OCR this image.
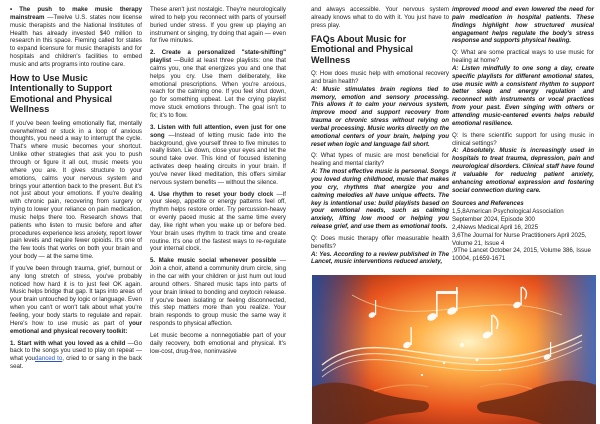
• The push to make music therapy mainstream —Twelve U.S. states now license music therapists and the National Institutes of Health has already invested $40 million to research in this space. Fleming called for states to expand licensure for music therapists and for hospitals and children's facilities to embed music and arts programs into routine care.

How to Use Music Intentionally to Support Emotional and Physical Wellness

If you've been feeling emotionally flat, mentally overwhelmed or stuck in a loop of anxious thoughts, you need a way to interrupt the cycle. That's where music becomes your shortcut. Unlike other strategies that ask you to push through or figure it all out, music meets you where you are. It gives structure to your emotions, calms your nervous system and brings your attention back to the present. But it's not just about your emotions. If you're dealing with chronic pain, recovering from surgery or trying to lower your reliance on pain medication, music helps there too. Research shows that patients who listen to music before and after procedures experience less anxiety, report lower pain levels and require fewer opioids. It's one of the few tools that works on both your brain and your body — at the same time.

If you've been through trauma, grief, burnout or any long stretch of stress, you've probably noticed how hard it is to just feel OK again. Music helps bridge that gap. It taps into areas of your brain untouched by logic or language. Even when you can't or won't talk about what you're feeling, your body starts to regulate and repair. Here's how to use music as part of your emotional and physical recovery toolkit:

1. Start with what you loved as a child —Go back to the songs you used to play on repeat — what youdanced to, cried to or sang in the back seat.

These aren't just nostalgic. They're neurologically wired to help you reconnect with parts of yourself buried under stress. If you grew up playing an instrument or singing, try doing that again — even for five minutes.

2. Create a personalized "state-shifting" playlist —Build at least three playlists: one that calms you, one that energizes you and one that helps you cry. Use them deliberately, like emotional prescriptions. When you're anxious, reach for the calming one. If you feel shut down, go for something upbeat. Let the crying playlist move stuck emotions through. The goal isn't to fix; it's to flow.

3. Listen with full attention, even just for one song —Instead of letting music fade into the background, give yourself three to five minutes to really listen. Lie down, close your eyes and let the sound take over. This kind of focused listening activates deep healing circuits in your brain. If you've never liked meditation, this offers similar nervous system benefits — without the silence.

4. Use rhythm to reset your body clock —If your sleep, appetite or energy patterns feel off, rhythm helps restore order. Try percussion-heavy or evenly paced music at the same time every day, like right when you wake up or before bed. Your brain uses rhythm to track time and create routine. It's one of the fastest ways to re-regulate your internal clock.

5. Make music social whenever possible — Join a choir, attend a community drum circle, sing in the car with your children or just hum out loud around others. Shared music taps into parts of your brain linked to bonding and oxytocin release. If you've been isolating or feeling disconnected, this step matters more than you realize. Your brain responds to group music the same way it responds to physical affection.

Let music become a nonnegotiable part of your daily recovery, both emotional and physical. It's low-cost, drug-free, noninvasive

and always accessible. Your nervous system already knows what to do with it. You just have to press play.

FAQs About Music for Emotional and Physical Wellness

Q: How does music help with emotional recovery and brain health?

A: Music stimulates brain regions tied to memory, emotion and sensory processing. This allows it to calm your nervous system, improve mood and support recovery from trauma or chronic stress without relying on verbal processing. Music works directly on the emotional centers of your brain, helping you reset when logic and language fall short.

Q: What types of music are most beneficial for healing and mental clarity?

A: The most effective music is personal. Songs you loved during childhood, music that makes you cry, rhythms that energize you and calming melodies all have unique effects. The key is intentional use: build playlists based on your emotional needs, such as calming anxiety, lifting low mood or helping you release grief, and use them as emotional tools.

Q: Does music therapy offer measurable health benefits?

A: Yes. According to a review published in The Lancet, music interventions reduced anxiety,

improved mood and even lowered the need for pain medication in hospital patients. These findings highlight how structured musical engagement helps regulate the body's stress response and supports physical healing.

Q: What are some practical ways to use music for healing at home?

A: Listen mindfully to one song a day, create specific playlists for different emotional states, use music with a consistent rhythm to support better sleep and energy regulation and reconnect with instruments or vocal practices from your past. Even singing with others or attending music-centered events helps rebuild emotional resilience.

Q: Is there scientific support for using music in clinical settings?

A: Absolutely. Music is increasingly used in hospitals to treat trauma, depression, pain and neurological disorders. Clinical staff have found it valuable for reducing patient anxiety, enhancing emotional expression and fostering social connection during care.

Sources and References

1,5,8American Psychological Association September 2024, Episode 300

2,4News Medical April 16, 2025

3,6The Journal for Nurse Practitioners April 2025, Volume 21, Issue 4

,9The Lancet October 24, 2015, Volume 386, Issue 10004, p1659-1671
